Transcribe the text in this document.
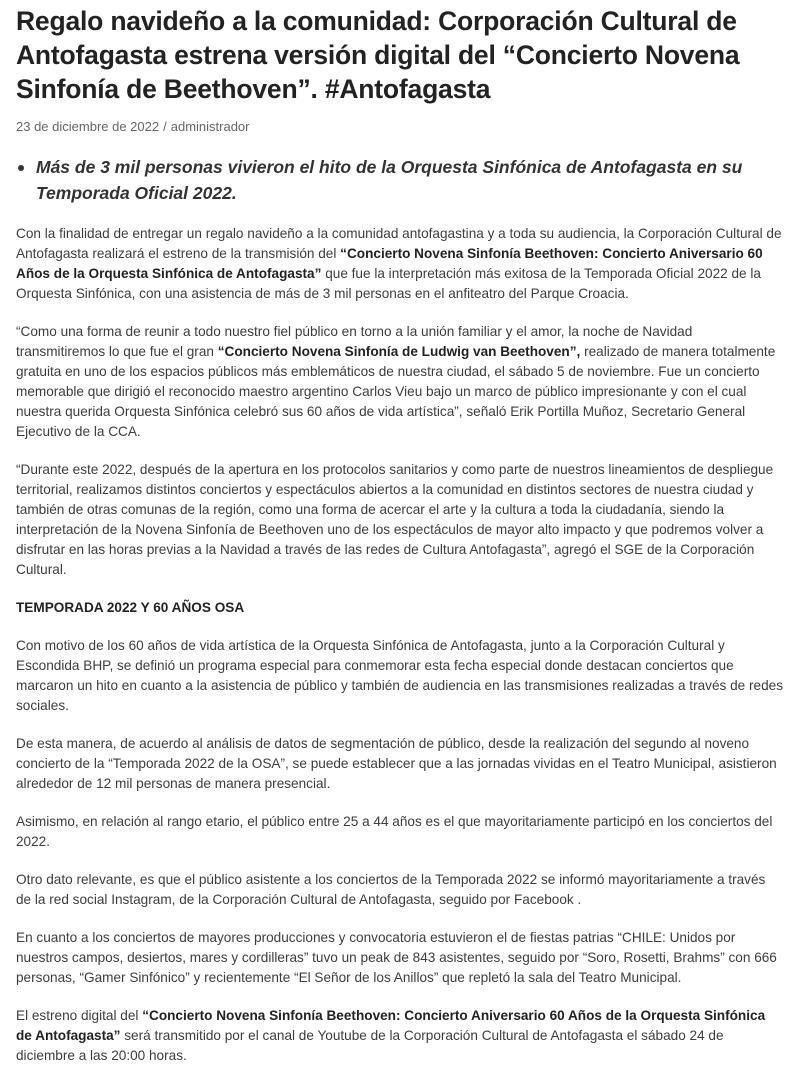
Regalo navideño a la comunidad: Corporación Cultural de Antofagasta estrena versión digital del “Concierto Novena Sinfonía de Beethoven”. #Antofagasta
23 de diciembre de 2022 / administrador
Más de 3 mil personas vivieron el hito de la Orquesta Sinfónica de Antofagasta en su Temporada Oficial 2022.

Con la finalidad de entregar un regalo navideño a la comunidad antofagastina y a toda su audiencia, la Corporación Cultural de Antofagasta realizará el estreno de la transmisión del “Concierto Novena Sinfonía Beethoven: Concierto Aniversario 60 Años de la Orquesta Sinfónica de Antofagasta” que fue la interpretación más exitosa de la Temporada Oficial 2022 de la Orquesta Sinfónica, con una asistencia de más de 3 mil personas en el anfiteatro del Parque Croacia.

“Como una forma de reunir a todo nuestro fiel público en torno a la unión familiar y el amor, la noche de Navidad transmitiremos lo que fue el gran “Concierto Novena Sinfonía de Ludwig van Beethoven”, realizado de manera totalmente gratuita en uno de los espacios públicos más emblemáticos de nuestra ciudad, el sábado 5 de noviembre. Fue un concierto memorable que dirigió el reconocido maestro argentino Carlos Vieu bajo un marco de público impresionante y con el cual nuestra querida Orquesta Sinfónica celebró sus 60 años de vida artística”, señaló Erik Portilla Muñoz, Secretario General Ejecutivo de la CCA.

“Durante este 2022, después de la apertura en los protocolos sanitarios y como parte de nuestros lineamientos de despliegue territorial, realizamos distintos conciertos y espectáculos abiertos a la comunidad en distintos sectores de nuestra ciudad y también de otras comunas de la región, como una forma de acercar el arte y la cultura a toda la ciudadanía, siendo la interpretación de la Novena Sinfonía de Beethoven uno de los espectáculos de mayor alto impacto y que podremos volver a disfrutar en las horas previas a la Navidad a través de las redes de Cultura Antofagasta”, agregó el SGE de la Corporación Cultural.

TEMPORADA 2022 Y 60 AÑOS OSA

Con motivo de los 60 años de vida artística de la Orquesta Sinfónica de Antofagasta, junto a la Corporación Cultural y Escondida BHP, se definió un programa especial para conmemorar esta fecha especial donde destacan conciertos que marcaron un hito en cuanto a la asistencia de público y también de audiencia en las transmisiones realizadas a través de redes sociales.

De esta manera, de acuerdo al análisis de datos de segmentación de público, desde la realización del segundo al noveno concierto de la “Temporada 2022 de la OSA”, se puede establecer que a las jornadas vividas en el Teatro Municipal, asistieron alrededor de 12 mil personas de manera presencial.

Asimismo, en relación al rango etario, el público entre 25 a 44 años es el que mayoritariamente participó en los conciertos del 2022.

Otro dato relevante, es que el público asistente a los conciertos de la Temporada 2022 se informó mayoritariamente a través de la red social Instagram, de la Corporación Cultural de Antofagasta, seguido por Facebook .

En cuanto a los conciertos de mayores producciones y convocatoria estuvieron el de fiestas patrias “CHILE: Unidos por nuestros campos, desiertos, mares y cordilleras” tuvo un peak de 843 asistentes, seguido por “Soro, Rosetti, Brahms” con 666 personas, “Gamer Sinfónico” y recientemente “El Señor de los Anillos” que repletó la sala del Teatro Municipal.

El estreno digital del “Concierto Novena Sinfonía Beethoven: Concierto Aniversario 60 Años de la Orquesta Sinfónica de Antofagasta” será transmitido por el canal de Youtube de la Corporación Cultural de Antofagasta el sábado 24 de diciembre a las 20:00 horas.
